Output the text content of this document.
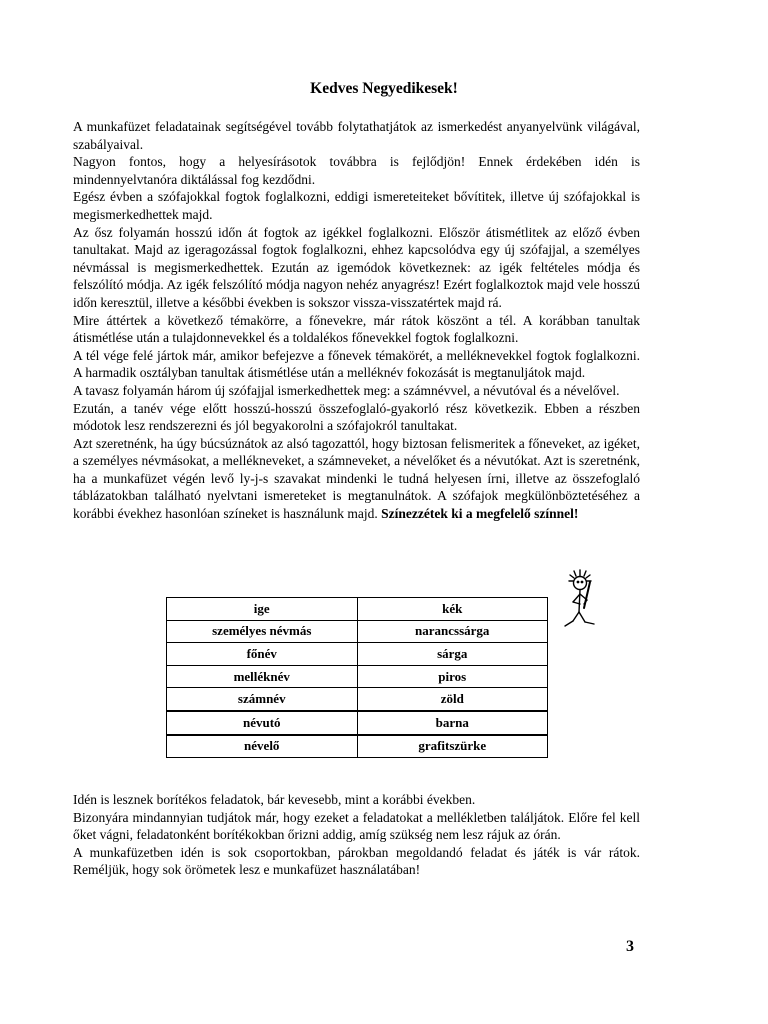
Kedves Negyedikesek!

A munkafüzet feladatainak segítségével tovább folytathatjátok az ismerkedést anyanyelvünk világával, szabályaival.

Nagyon fontos, hogy a helyesírásotok továbbra is fejlődjön! Ennek érdekében idén is mindennyelvtanóra diktálással fog kezdődni.

Egész évben a szófajokkal fogtok foglalkozni, eddigi ismereteiteket bővítitek, illetve új szófajokkal is megismerkedhettek majd.

Az ősz folyamán hosszú időn át fogtok az igékkel foglalkozni. Először átismétlitek az előző évben tanultakat. Majd az igeragozással fogtok foglalkozni, ehhez kapcsolódva egy új szófajjal, a személyes névmással is megismerkedhettek. Ezután az igemódok következnek: az igék feltételes módja és felszólító módja. Az igék felszólító módja nagyon nehéz anyagrész! Ezért foglalkoztok majd vele hosszú időn keresztül, illetve a későbbi években is sokszor vissza-visszatértek majd rá.

Mire áttértek a következő témakörre, a főnevekre, már rátok köszönt a tél. A korábban tanultak átismétlése után a tulajdonnevekkel és a toldalékos főnevekkel fogtok foglalkozni.

A tél vége felé jártok már, amikor befejezve a főnevek témakörét, a melléknevekkel fogtok foglalkozni. A harmadik osztályban tanultak átismétlése után a melléknév fokozását is megtanuljátok majd.

A tavasz folyamán három új szófajjal ismerkedhettek meg: a számnévvel, a névutóval és a névelővel.

Ezután, a tanév vége előtt hosszú-hosszú összefoglaló-gyakorló rész következik. Ebben a részben módotok lesz rendszerezni és jól begyakorolni a szófajokról tanultakat.

Azt szeretnénk, ha úgy búcsúznátok az alsó tagozattól, hogy biztosan felismeritek a főneveket, az igéket, a személyes névmásokat, a mellékneveket, a számneveket, a névelőket és a névutókat. Azt is szeretnénk, ha a munkafüzet végén levő ly-j-s szavakat mindenki le tudná helyesen írni, illetve az összefoglaló táblázatokban található nyelvtani ismereteket is megtanulnátok. A szófajok megkülönböztetéséhez a korábbi évekhez hasonlóan színeket is használunk majd. Színezzétek ki a megfelelő színnel!

ige	kék
személyes névmás	narancssárga
főnév	sárga
melléknév	piros
számnév	zöld
névutó	barna
névelő	grafitszürke

Idén is lesznek borítékos feladatok, bár kevesebb, mint a korábbi években.

Bizonyára mindannyian tudjátok már, hogy ezeket a feladatokat a mellékletben találjátok. Előre fel kell őket vágni, feladatonként borítékokban őrizni addig, amíg szükség nem lesz rájuk az órán.

A munkafüzetben idén is sok csoportokban, párokban megoldandó feladat és játék is vár rátok. Reméljük, hogy sok örömetek lesz e munkafüzet használatában!

3
